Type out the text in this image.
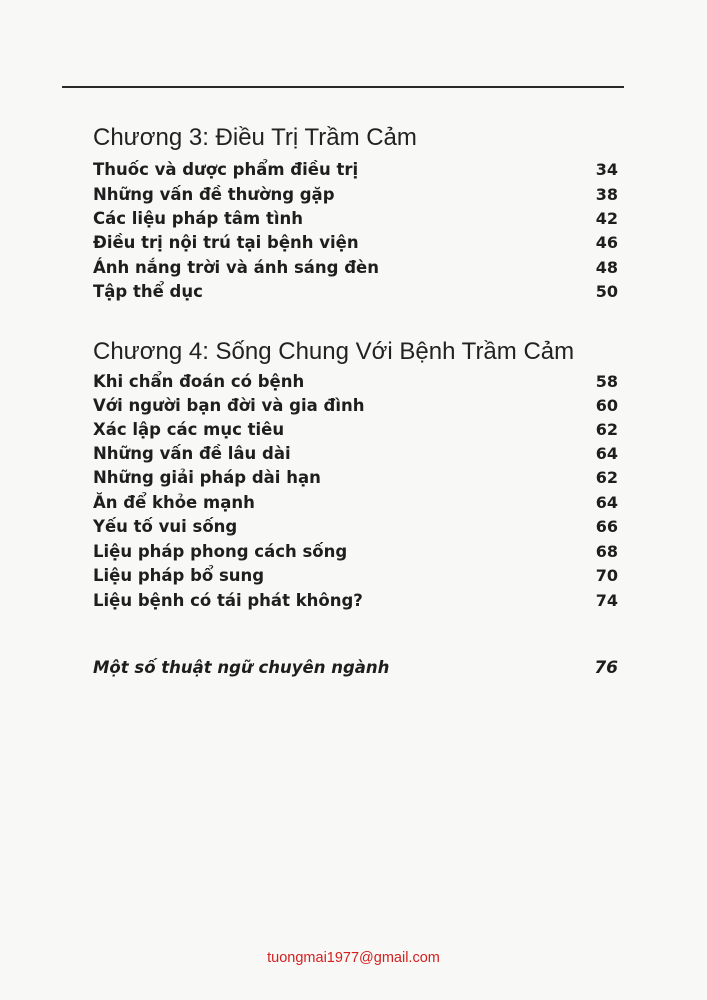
Chương 3: Điều Trị Trầm Cảm
Thuốc và dược phẩm điều trị	34
Những vấn đề thường gặp	38
Các liệu pháp tâm tình	42
Điều trị nội trú tại bệnh viện	46
Ánh nắng trời và ánh sáng đèn	48
Tập thể dục	50
Chương 4: Sống Chung Với Bệnh Trầm Cảm
Khi chẩn đoán có bệnh	58
Với người bạn đời và gia đình	60
Xác lập các mục tiêu	62
Những vấn đề lâu dài	64
Những giải pháp dài hạn	62
Ăn để khỏe mạnh	64
Yếu tố vui sống	66
Liệu pháp phong cách sống	68
Liệu pháp bổ sung	70
Liệu bệnh có tái phát không?	74
Một số thuật ngữ chuyên ngành	76
tuongmai1977@gmail.com
